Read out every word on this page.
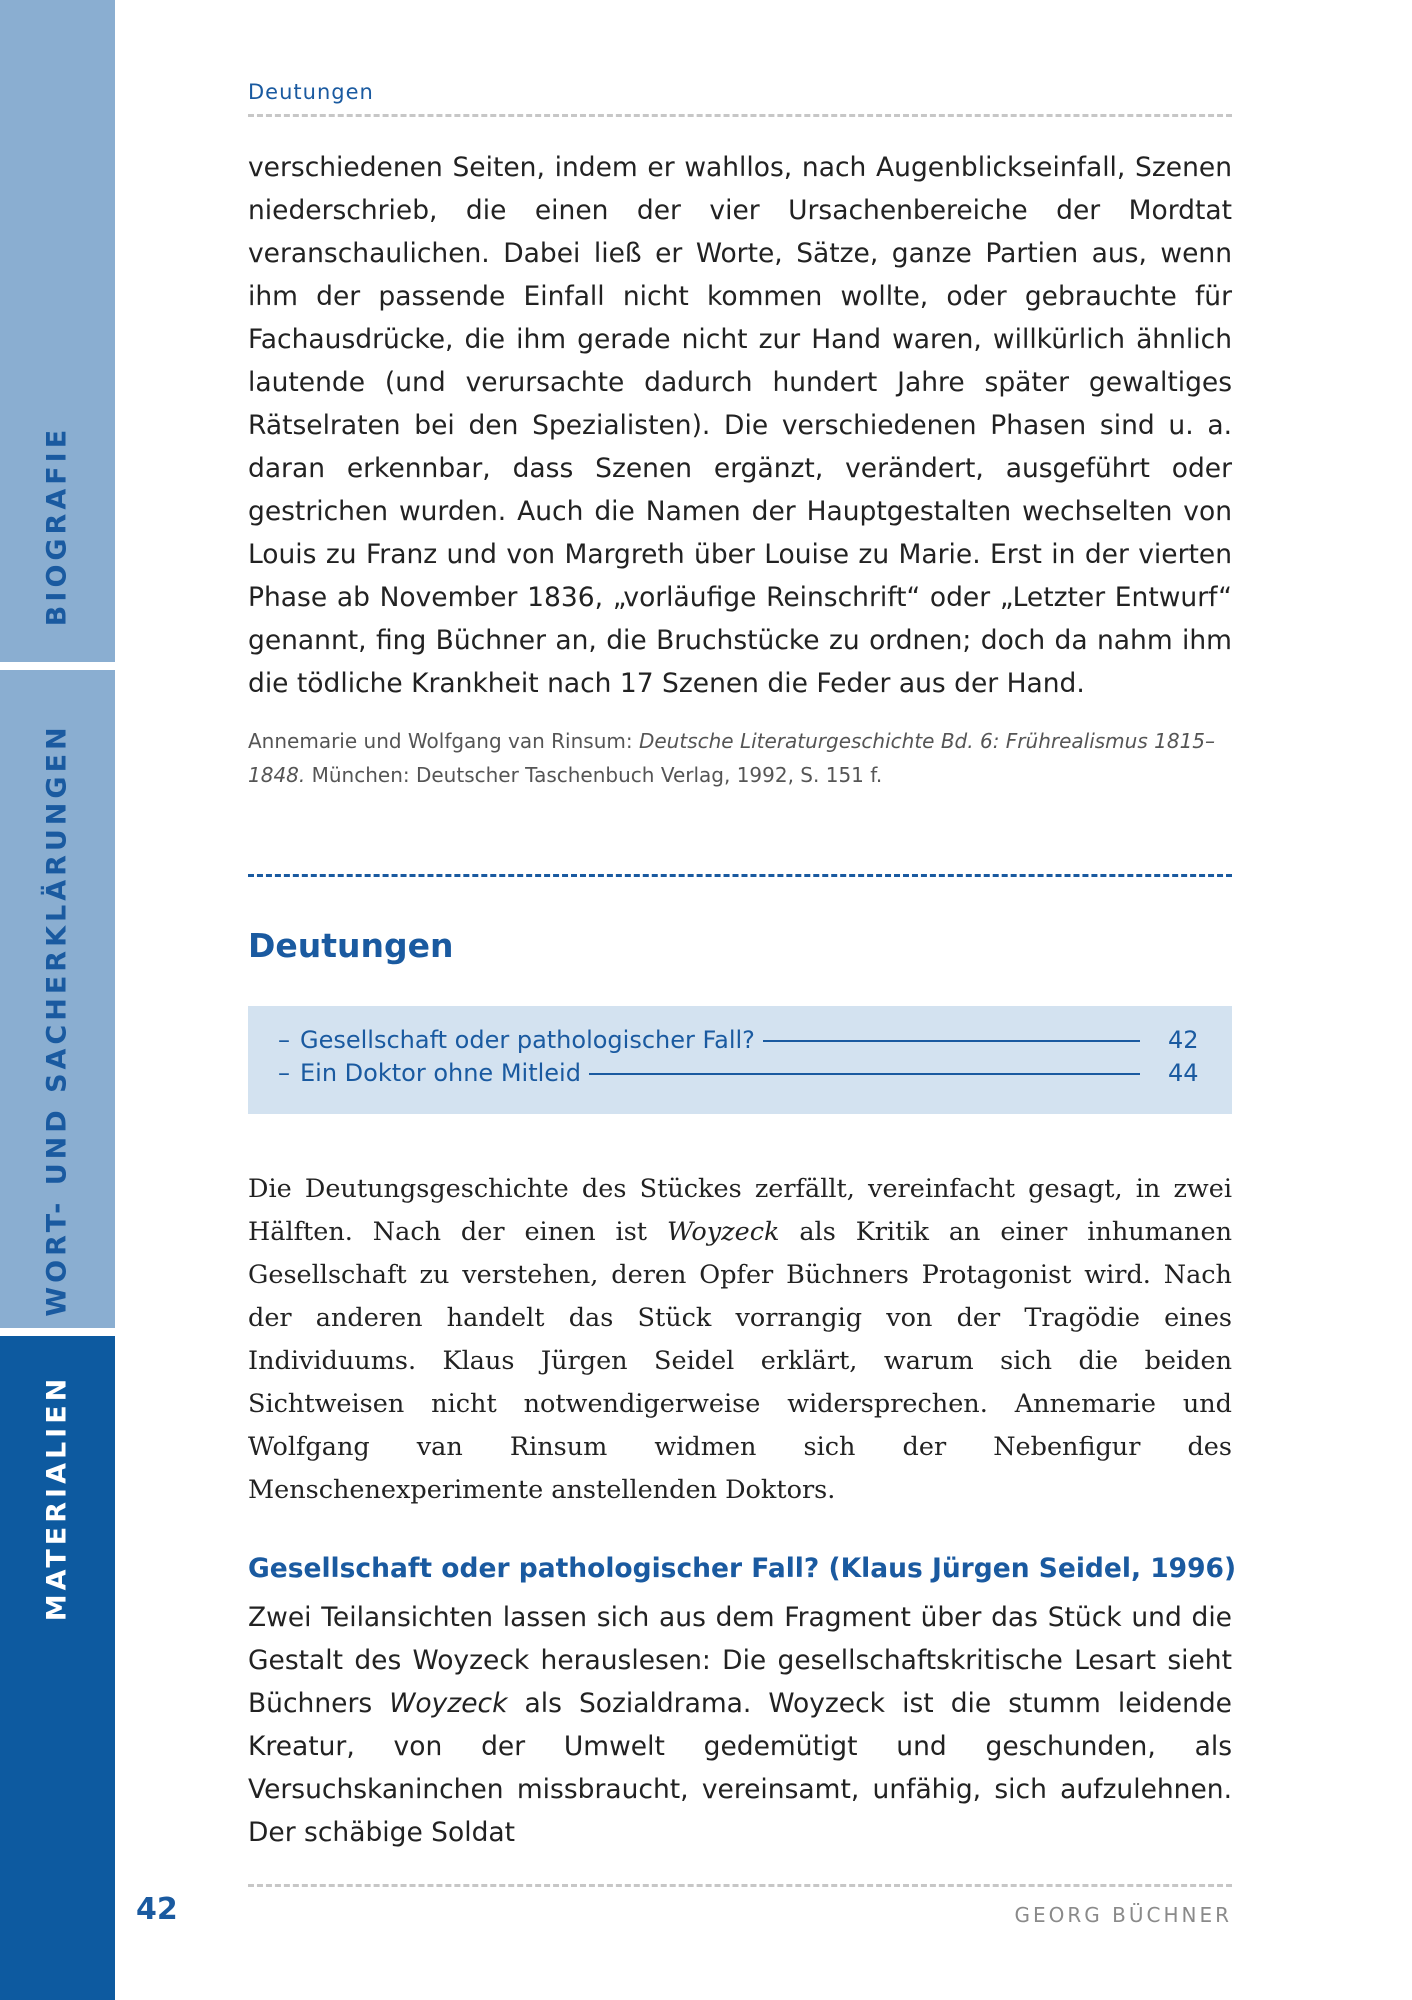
BIOGRAFIE
WORT- UND SACHERKLÄRUNGEN
MATERIALIEN
Deutungen

verschiedenen Seiten, indem er wahllos, nach Augenblickseinfall, Szenen niederschrieb, die einen der vier Ursachenbereiche der Mordtat veranschaulichen. Dabei ließ er Worte, Sätze, ganze Partien aus, wenn ihm der passende Einfall nicht kommen wollte, oder gebrauchte für Fachausdrücke, die ihm gerade nicht zur Hand waren, willkürlich ähnlich lautende (und verursachte dadurch hundert Jahre später gewaltiges Rätselraten bei den Spezialisten). Die verschiedenen Phasen sind u. a. daran erkennbar, dass Szenen ergänzt, verändert, ausgeführt oder gestrichen wurden. Auch die Namen der Hauptgestalten wechselten von Louis zu Franz und von Margreth über Louise zu Marie. Erst in der vierten Phase ab November 1836, „vorläufige Reinschrift“ oder „Letzter Entwurf“ genannt, fing Büchner an, die Bruchstücke zu ordnen; doch da nahm ihm die tödliche Krankheit nach 17 Szenen die Feder aus der Hand.

Annemarie und Wolfgang van Rinsum: Deutsche Literaturgeschichte Bd. 6: Frührealismus 1815–1848. München: Deutscher Taschenbuch Verlag, 1992, S. 151 f.

Deutungen
– Gesellschaft oder pathologischer Fall?	42
– Ein Doktor ohne Mitleid	44

Die Deutungsgeschichte des Stückes zerfällt, vereinfacht gesagt, in zwei Hälften. Nach der einen ist Woyzeck als Kritik an einer inhumanen Gesellschaft zu verstehen, deren Opfer Büchners Protagonist wird. Nach der anderen handelt das Stück vorrangig von der Tragödie eines Individuums. Klaus Jürgen Seidel erklärt, warum sich die beiden Sichtweisen nicht notwendigerweise widersprechen. Annemarie und Wolfgang van Rinsum widmen sich der Nebenfigur des Menschenexperimente anstellenden Doktors.

Gesellschaft oder pathologischer Fall? (Klaus Jürgen Seidel, 1996)

Zwei Teilansichten lassen sich aus dem Fragment über das Stück und die Gestalt des Woyzeck herauslesen: Die gesellschaftskritische Lesart sieht Büchners Woyzeck als Sozialdrama. Woyzeck ist die stumm leidende Kreatur, von der Umwelt gedemütigt und geschunden, als Versuchskaninchen missbraucht, vereinsamt, unfähig, sich aufzulehnen. Der schäbige Soldat

42	GEORG BÜCHNER
